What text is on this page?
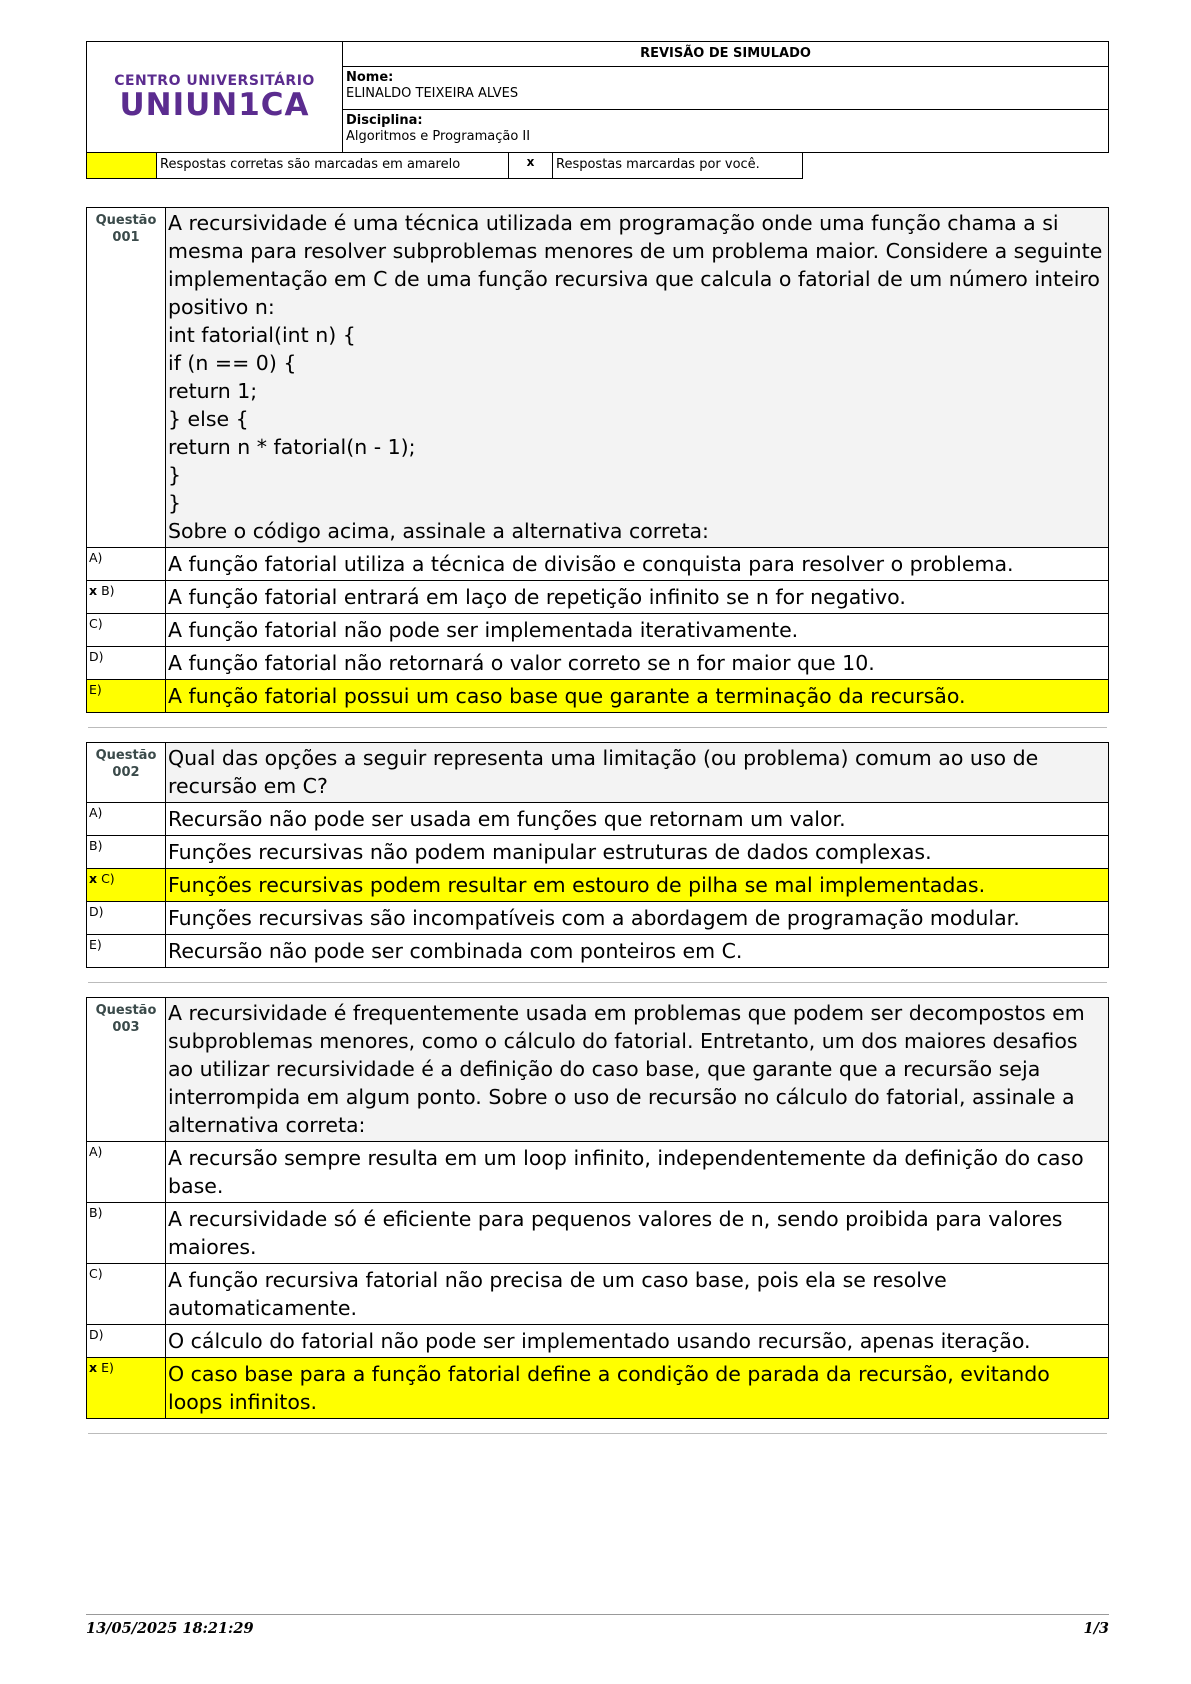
CENTRO UNIVERSITÁRIO
UNIUN1CA
REVISÃO DE SIMULADO
Nome:
ELINALDO TEIXEIRA ALVES
Disciplina:
Algoritmos e Programação II
Respostas corretas são marcadas em amarelo	x	Respostas marcardas por você.
Questão
001
A recursividade é uma técnica utilizada em programação onde uma função chama a si mesma para resolver subproblemas menores de um problema maior. Considere a seguinte implementação em C de uma função recursiva que calcula o fatorial de um número inteiro positivo n:
int fatorial(int n) {
if (n == 0) {
return 1;
} else {
return n * fatorial(n - 1);
}
}
Sobre o código acima, assinale a alternativa correta:
A)	A função fatorial utiliza a técnica de divisão e conquista para resolver o problema.
x B)	A função fatorial entrará em laço de repetição infinito se n for negativo.
C)	A função fatorial não pode ser implementada iterativamente.
D)	A função fatorial não retornará o valor correto se n for maior que 10.
E)	A função fatorial possui um caso base que garante a terminação da recursão.
Questão
002
Qual das opções a seguir representa uma limitação (ou problema) comum ao uso de recursão em C?
A)	Recursão não pode ser usada em funções que retornam um valor.
B)	Funções recursivas não podem manipular estruturas de dados complexas.
x C)	Funções recursivas podem resultar em estouro de pilha se mal implementadas.
D)	Funções recursivas são incompatíveis com a abordagem de programação modular.
E)	Recursão não pode ser combinada com ponteiros em C.
Questão
003
A recursividade é frequentemente usada em problemas que podem ser decompostos em subproblemas menores, como o cálculo do fatorial. Entretanto, um dos maiores desafios ao utilizar recursividade é a definição do caso base, que garante que a recursão seja interrompida em algum ponto. Sobre o uso de recursão no cálculo do fatorial, assinale a alternativa correta:
A)	A recursão sempre resulta em um loop infinito, independentemente da definição do caso base.
B)	A recursividade só é eficiente para pequenos valores de n, sendo proibida para valores maiores.
C)	A função recursiva fatorial não precisa de um caso base, pois ela se resolve automaticamente.
D)	O cálculo do fatorial não pode ser implementado usando recursão, apenas iteração.
x E)	O caso base para a função fatorial define a condição de parada da recursão, evitando loops infinitos.
13/05/2025 18:21:29	1/3
